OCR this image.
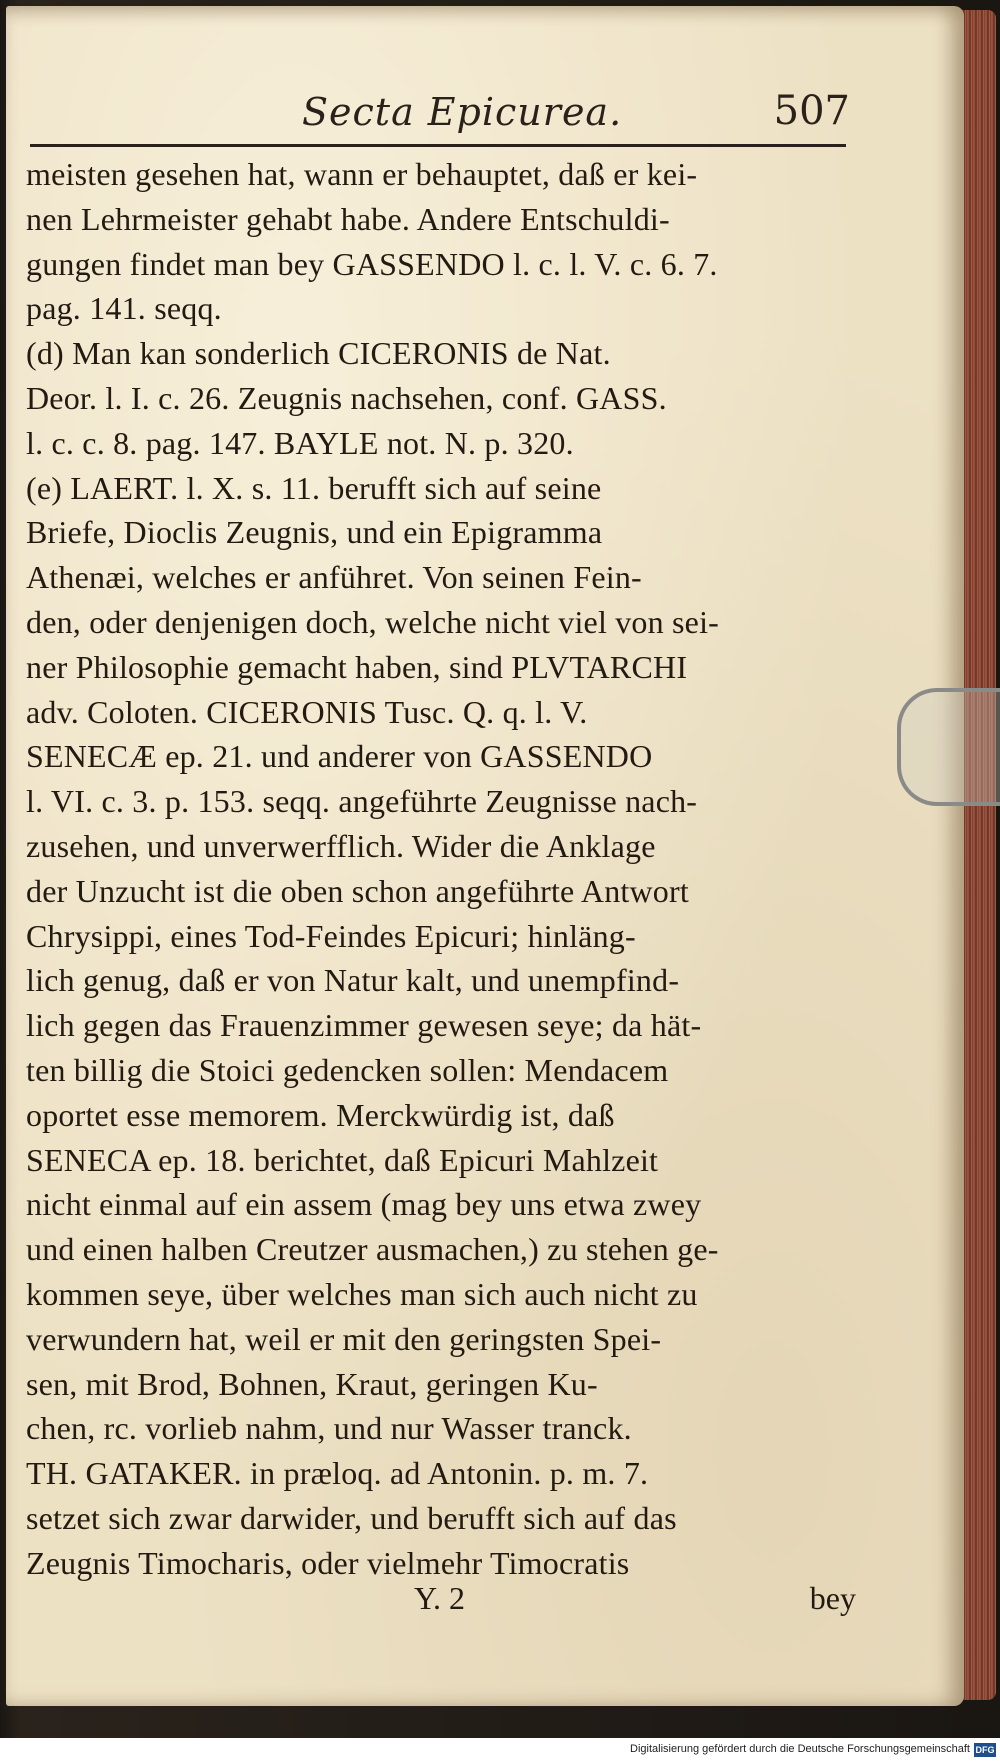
Secta Epicurea.	507
meisten gesehen hat, wann er behauptet, daß er kei-
nen Lehrmeister gehabt habe. Andere Entschuldi-
gungen findet man bey GASSENDO l. c. l. V. c. 6. 7.
pag. 141. seqq.
(d) Man kan sonderlich CICERONIS de Nat.
Deor. l. I. c. 26. Zeugnis nachsehen, conf. GASS.
l. c. c. 8. pag. 147. BAYLE not. N. p. 320.
(e) LAERT. l. X. s. 11. berufft sich auf seine
Briefe, Dioclis Zeugnis, und ein Epigramma
Athenæi, welches er anführet. Von seinen Fein-
den, oder denjenigen doch, welche nicht viel von sei-
ner Philosophie gemacht haben, sind PLVTARCHI
adv. Coloten. CICERONIS Tusc. Q. q. l. V.
SENECÆ ep. 21. und anderer von GASSENDO
l. VI. c. 3. p. 153. seqq. angeführte Zeugnisse nach-
zusehen, und unverwerfflich. Wider die Anklage
der Unzucht ist die oben schon angeführte Antwort
Chrysippi, eines Tod-Feindes Epicuri; hinläng-
lich genug, daß er von Natur kalt, und unempfind-
lich gegen das Frauenzimmer gewesen seye; da hät-
ten billig die Stoici gedencken sollen: Mendacem
oportet esse memorem. Merckwürdig ist, daß
SENECA ep. 18. berichtet, daß Epicuri Mahlzeit
nicht einmal auf ein assem (mag bey uns etwa zwey
und einen halben Creutzer ausmachen,) zu stehen ge-
kommen seye, über welches man sich auch nicht zu
verwundern hat, weil er mit den geringsten Spei-
sen, mit Brod, Bohnen, Kraut, geringen Ku-
chen, rc. vorlieb nahm, und nur Wasser tranck.
TH. GATAKER. in præloq. ad Antonin. p. m. 7.
setzet sich zwar darwider, und berufft sich auf das
Zeugnis Timocharis, oder vielmehr Timocratis
Y. 2	bey
Digitalisierung gefördert durch die Deutsche Forschungsgemeinschaft DFG
